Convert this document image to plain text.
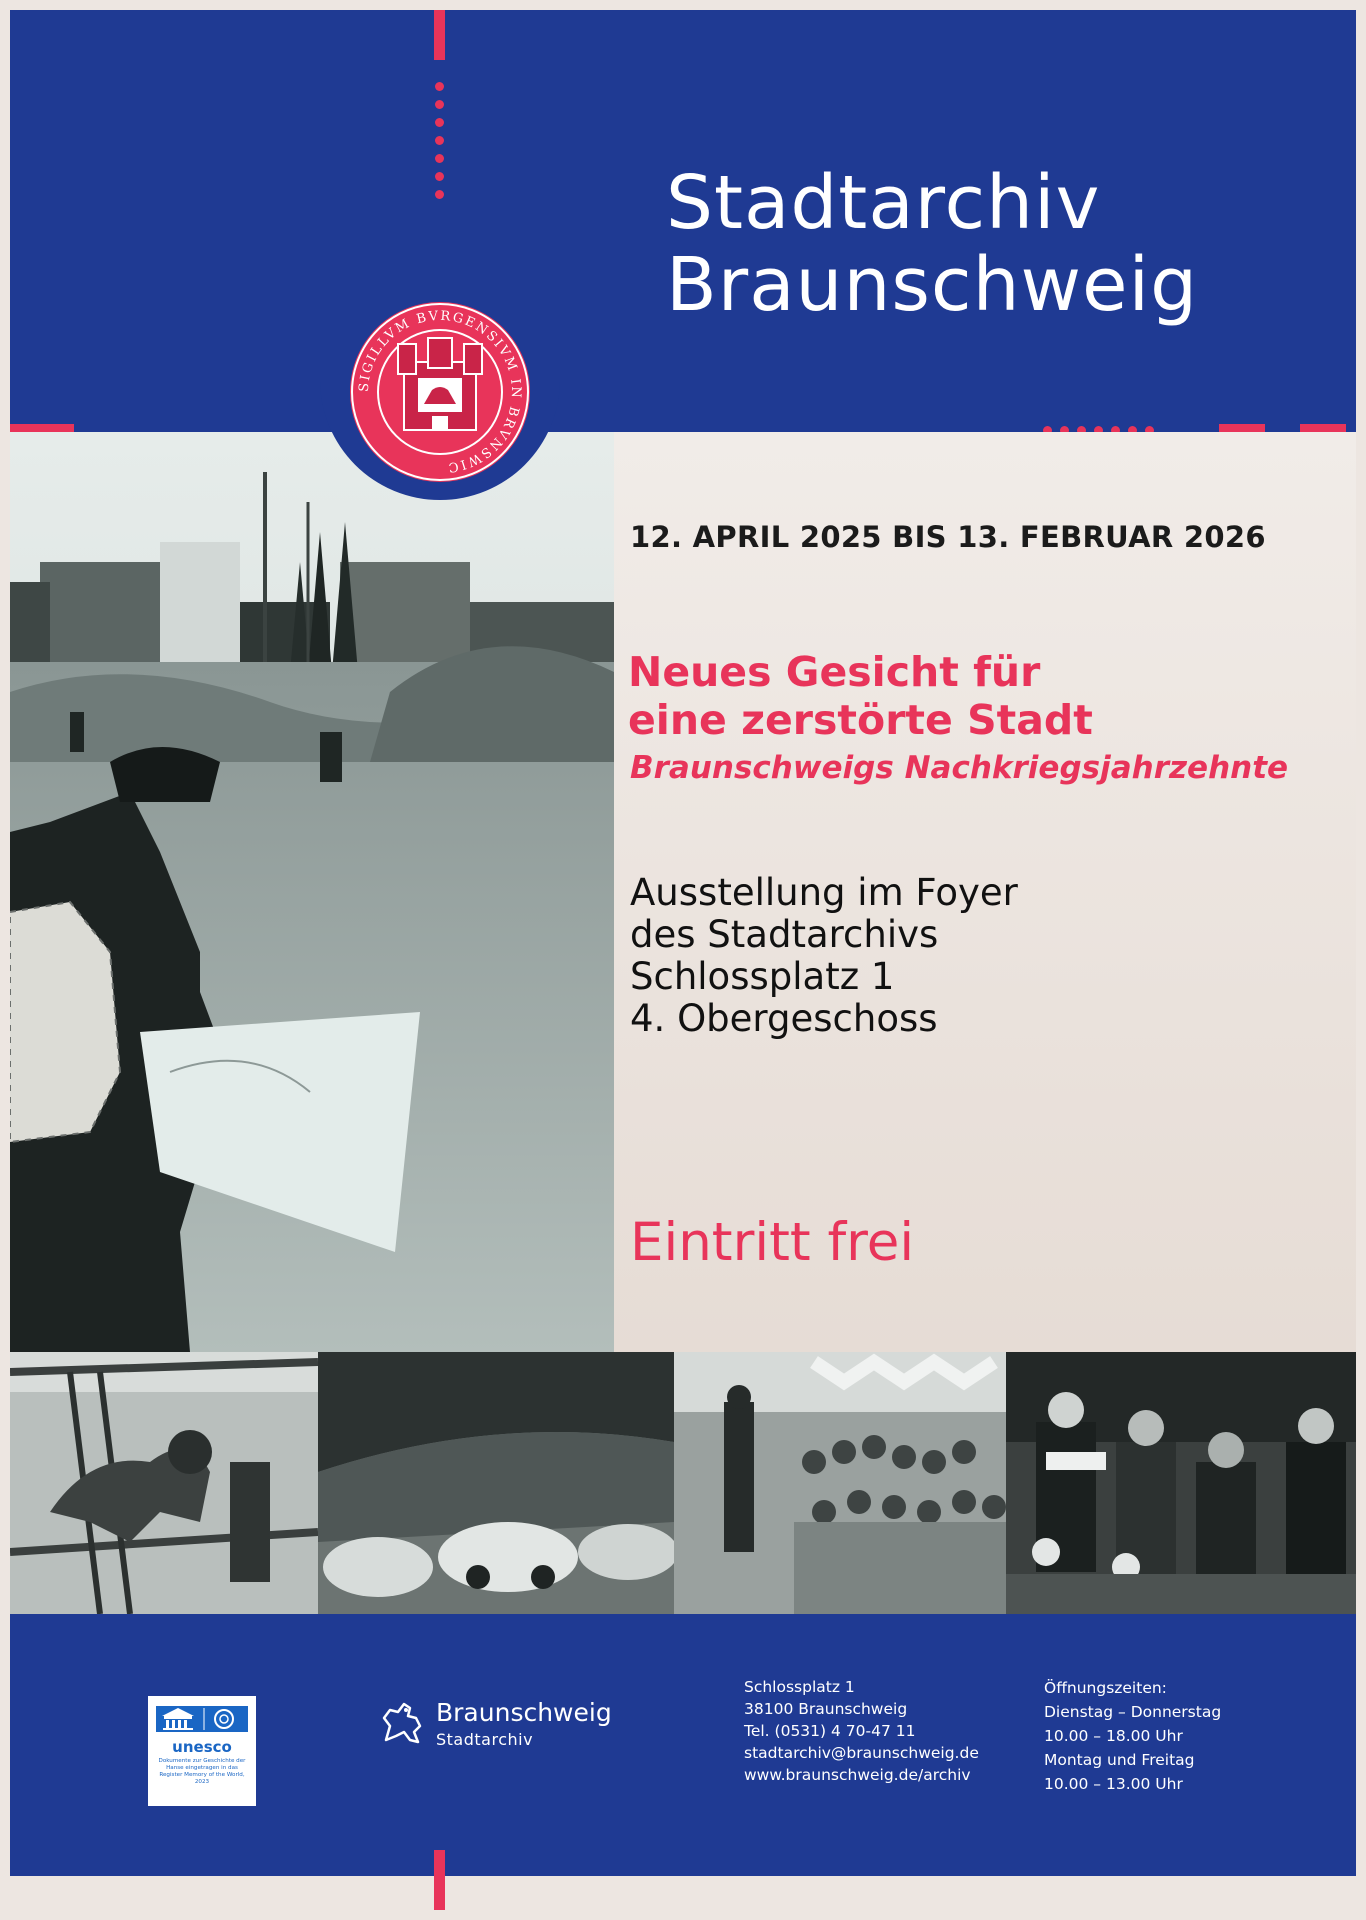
Stadtarchiv
Braunschweig
SIGILLVM BVRGENSIVM IN BRVNSWIC
12. APRIL 2025 BIS 13. FEBRUAR 2026
Neues Gesicht für
eine zerstörte Stadt
Braunschweigs Nachkriegsjahrzehnte
Ausstellung im Foyer
des Stadtarchivs
Schlossplatz 1
4. Obergeschoss
Eintritt frei
unesco
Dokumente zur Geschichte der Hanse eingetragen in das Register Memory of the World, 2023
Braunschweig
Stadtarchiv
Schlossplatz 1
38100 Braunschweig
Tel. (0531) 4 70-47 11
stadtarchiv@braunschweig.de
www.braunschweig.de/archiv
Öffnungszeiten:
Dienstag – Donnerstag
10.00 – 18.00 Uhr
Montag und Freitag
10.00 – 13.00 Uhr
